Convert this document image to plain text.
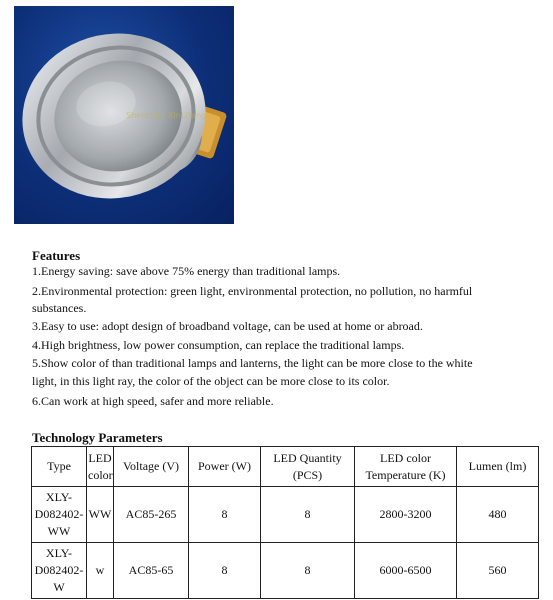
Shenzhen XinLiYang
Features
1.Energy saving: save above 75% energy than traditional lamps.
2.Environmental protection: green light, environmental protection, no pollution, no harmful
substances.
3.Easy to use: adopt design of broadband voltage, can be used at home or abroad.
4.High brightness, low power consumption, can replace the traditional lamps.
5.Show color of than traditional lamps and lanterns, the light can be more close to the white
light, in this light ray, the color of the object can be more close to its color.
6.Can work at high speed, safer and more reliable.
Technology Parameters
Type	LED color	Voltage (V)	Power (W)	LED Quantity (PCS)	LED color Temperature (K)	Lumen (lm)
XLY-D082402-WW	WW	AC85-265	8	8	2800-3200	480
XLY-D082402-W	w	AC85-65	8	8	6000-6500	560
